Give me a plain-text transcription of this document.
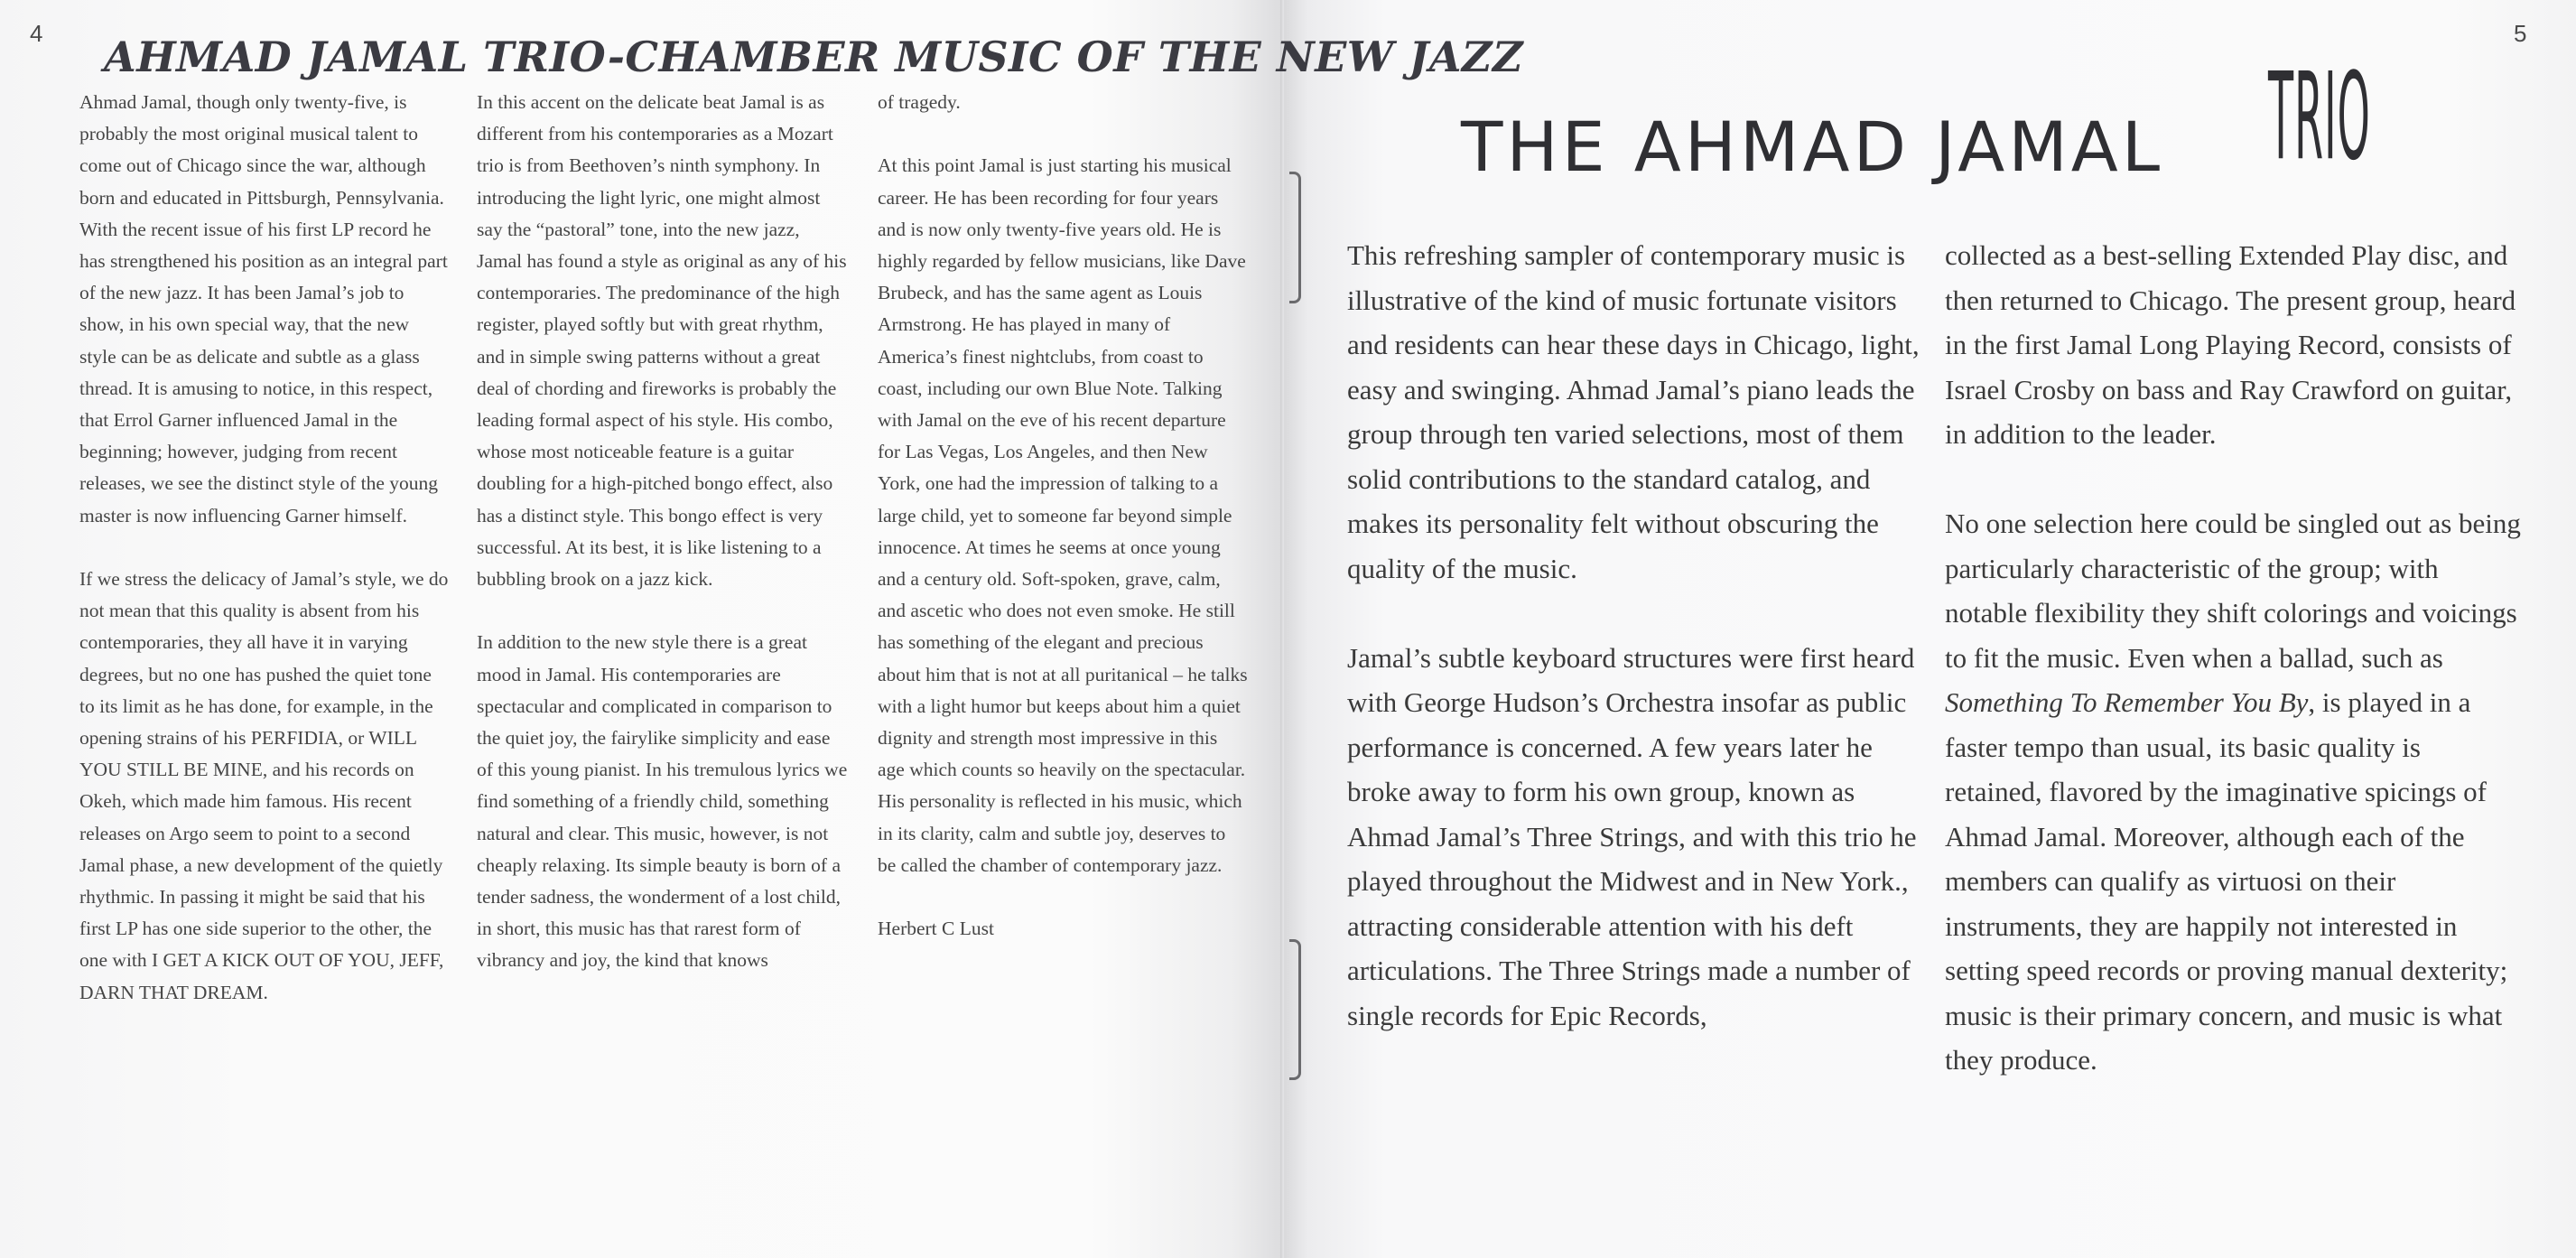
4	5
AHMAD JAMAL TRIO-CHAMBER MUSIC OF THE NEW JAZZ

Ahmad Jamal, though only twenty-five, is probably the most original musical talent to come out of Chicago since the war, although born and educated in Pittsburgh, Pennsylvania. With the recent issue of his first LP record he has strengthened his position as an integral part of the new jazz. It has been Jamal’s job to show, in his own special way, that the new style can be as delicate and subtle as a glass thread. It is amusing to notice, in this respect, that Errol Garner influenced Jamal in the beginning; however, judging from recent releases, we see the distinct style of the young master is now influencing Garner himself.

If we stress the delicacy of Jamal’s style, we do not mean that this quality is absent from his contemporaries, they all have it in varying degrees, but no one has pushed the quiet tone to its limit as he has done, for example, in the opening strains of his PERFIDIA, or WILL YOU STILL BE MINE, and his records on Okeh, which made him famous. His recent releases on Argo seem to point to a second Jamal phase, a new development of the quietly rhythmic. In passing it might be said that his first LP has one side superior to the other, the one with I GET A KICK OUT OF YOU, JEFF, DARN THAT DREAM.

In this accent on the delicate beat Jamal is as different from his contemporaries as a Mozart trio is from Beethoven’s ninth symphony. In introducing the light lyric, one might almost say the “pastoral” tone, into the new jazz, Jamal has found a style as original as any of his contemporaries. The predominance of the high register, played softly but with great rhythm, and in simple swing patterns without a great deal of chording and fireworks is probably the leading formal aspect of his style. His combo, whose most noticeable feature is a guitar doubling for a high-pitched bongo effect, also has a distinct style. This bongo effect is very successful. At its best, it is like listening to a bubbling brook on a jazz kick.

In addition to the new style there is a great mood in Jamal. His contemporaries are spectacular and complicated in comparison to the quiet joy, the fairylike simplicity and ease of this young pianist. In his tremulous lyrics we find something of a friendly child, something natural and clear. This music, however, is not cheaply relaxing. Its simple beauty is born of a tender sadness, the wonderment of a lost child, in short, this music has that rarest form of vibrancy and joy, the kind that knows

of tragedy.

At this point Jamal is just starting his musical career. He has been recording for four years and is now only twenty-five years old. He is highly regarded by fellow musicians, like Dave Brubeck, and has the same agent as Louis Armstrong. He has played in many of America’s finest nightclubs, from coast to coast, including our own Blue Note. Talking with Jamal on the eve of his recent departure for Las Vegas, Los Angeles, and then New York, one had the impression of talking to a large child, yet to someone far beyond simple innocence. At times he seems at once young and a century old. Soft-spoken, grave, calm, and ascetic who does not even smoke. He still has something of the elegant and precious about him that is not at all puritanical – he talks with a light humor but keeps about him a quiet dignity and strength most impressive in this age which counts so heavily on the spectacular. His personality is reflected in his music, which in its clarity, calm and subtle joy, deserves to be called the chamber of contemporary jazz.

Herbert C Lust

THE AHMAD JAMAL TRIO

This refreshing sampler of contemporary music is illustrative of the kind of music fortunate visitors and residents can hear these days in Chicago, light, easy and swinging. Ahmad Jamal’s piano leads the group through ten varied selections, most of them solid contributions to the standard catalog, and makes its personality felt without obscuring the quality of the music.

Jamal’s subtle keyboard structures were first heard with George Hudson’s Orchestra insofar as public performance is concerned. A few years later he broke away to form his own group, known as Ahmad Jamal’s Three Strings, and with this trio he played throughout the Midwest and in New York., attracting considerable attention with his deft articulations. The Three Strings made a number of single records for Epic Records,

collected as a best-selling Extended Play disc, and then returned to Chicago. The present group, heard in the first Jamal Long Playing Record, consists of Israel Crosby on bass and Ray Crawford on guitar, in addition to the leader.

No one selection here could be singled out as being particularly characteristic of the group; with notable flexibility they shift colorings and voicings to fit the music. Even when a ballad, such as Something To Remember You By, is played in a faster tempo than usual, its basic quality is retained, flavored by the imaginative spicings of Ahmad Jamal. Moreover, although each of the members can qualify as virtuosi on their instruments, they are happily not interested in setting speed records or proving manual dexterity; music is their primary concern, and music is what they produce.
